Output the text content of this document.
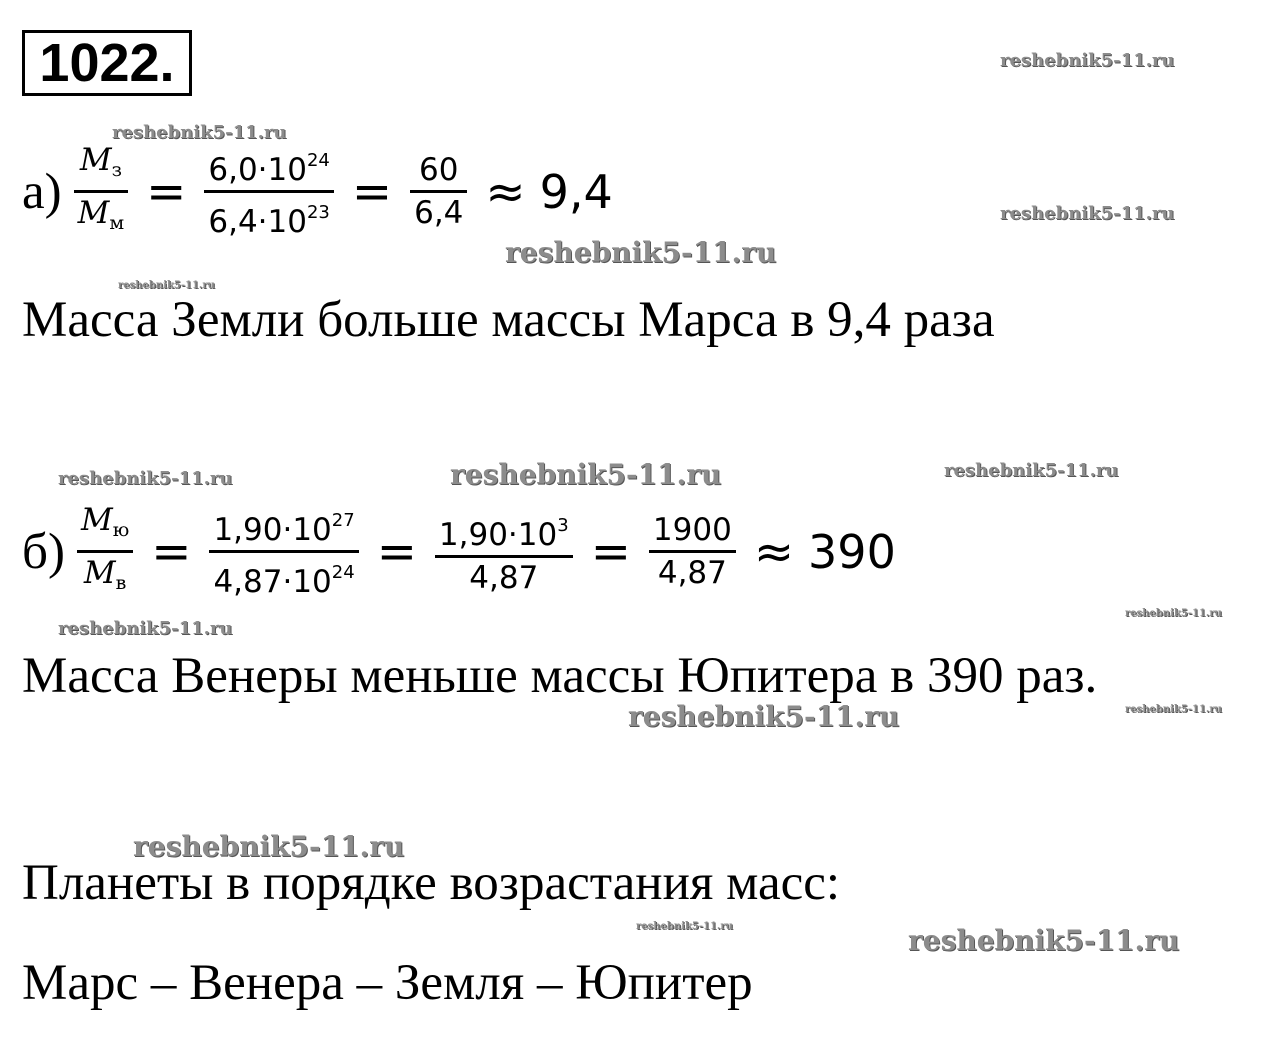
1022.	reshebnik5-11.ru
reshebnik5-11.ru
reshebnik5-11.ru
reshebnik5-11.ru
reshebnik5-11.ru
reshebnik5-11.ru	reshebnik5-11.ru	reshebnik5-11.ru
reshebnik5-11.ru
reshebnik5-11.ru
reshebnik5-11.ru	reshebnik5-11.ru
reshebnik5-11.ru
reshebnik5-11.ru	reshebnik5-11.ru
$а) \frac{M_з}{M_м} = \frac{6,0\cdot 10^{24}}{6,4\cdot 10^{23}} = \frac{60}{6,4} \approx 9,4$
Масса Земли больше массы Марса в 9,4 раза
$б) \frac{M_ю}{M_в} = \frac{1,90\cdot 10^{27}}{4,87\cdot 10^{24}} = \frac{1,90\cdot 10^3}{4,87} = \frac{1900}{4,87} \approx 390$
Масса Венеры меньше массы Юпитера в 390 раз.
Планеты в порядке возрастания масс:
Марс – Венера – Земля – Юпитер
